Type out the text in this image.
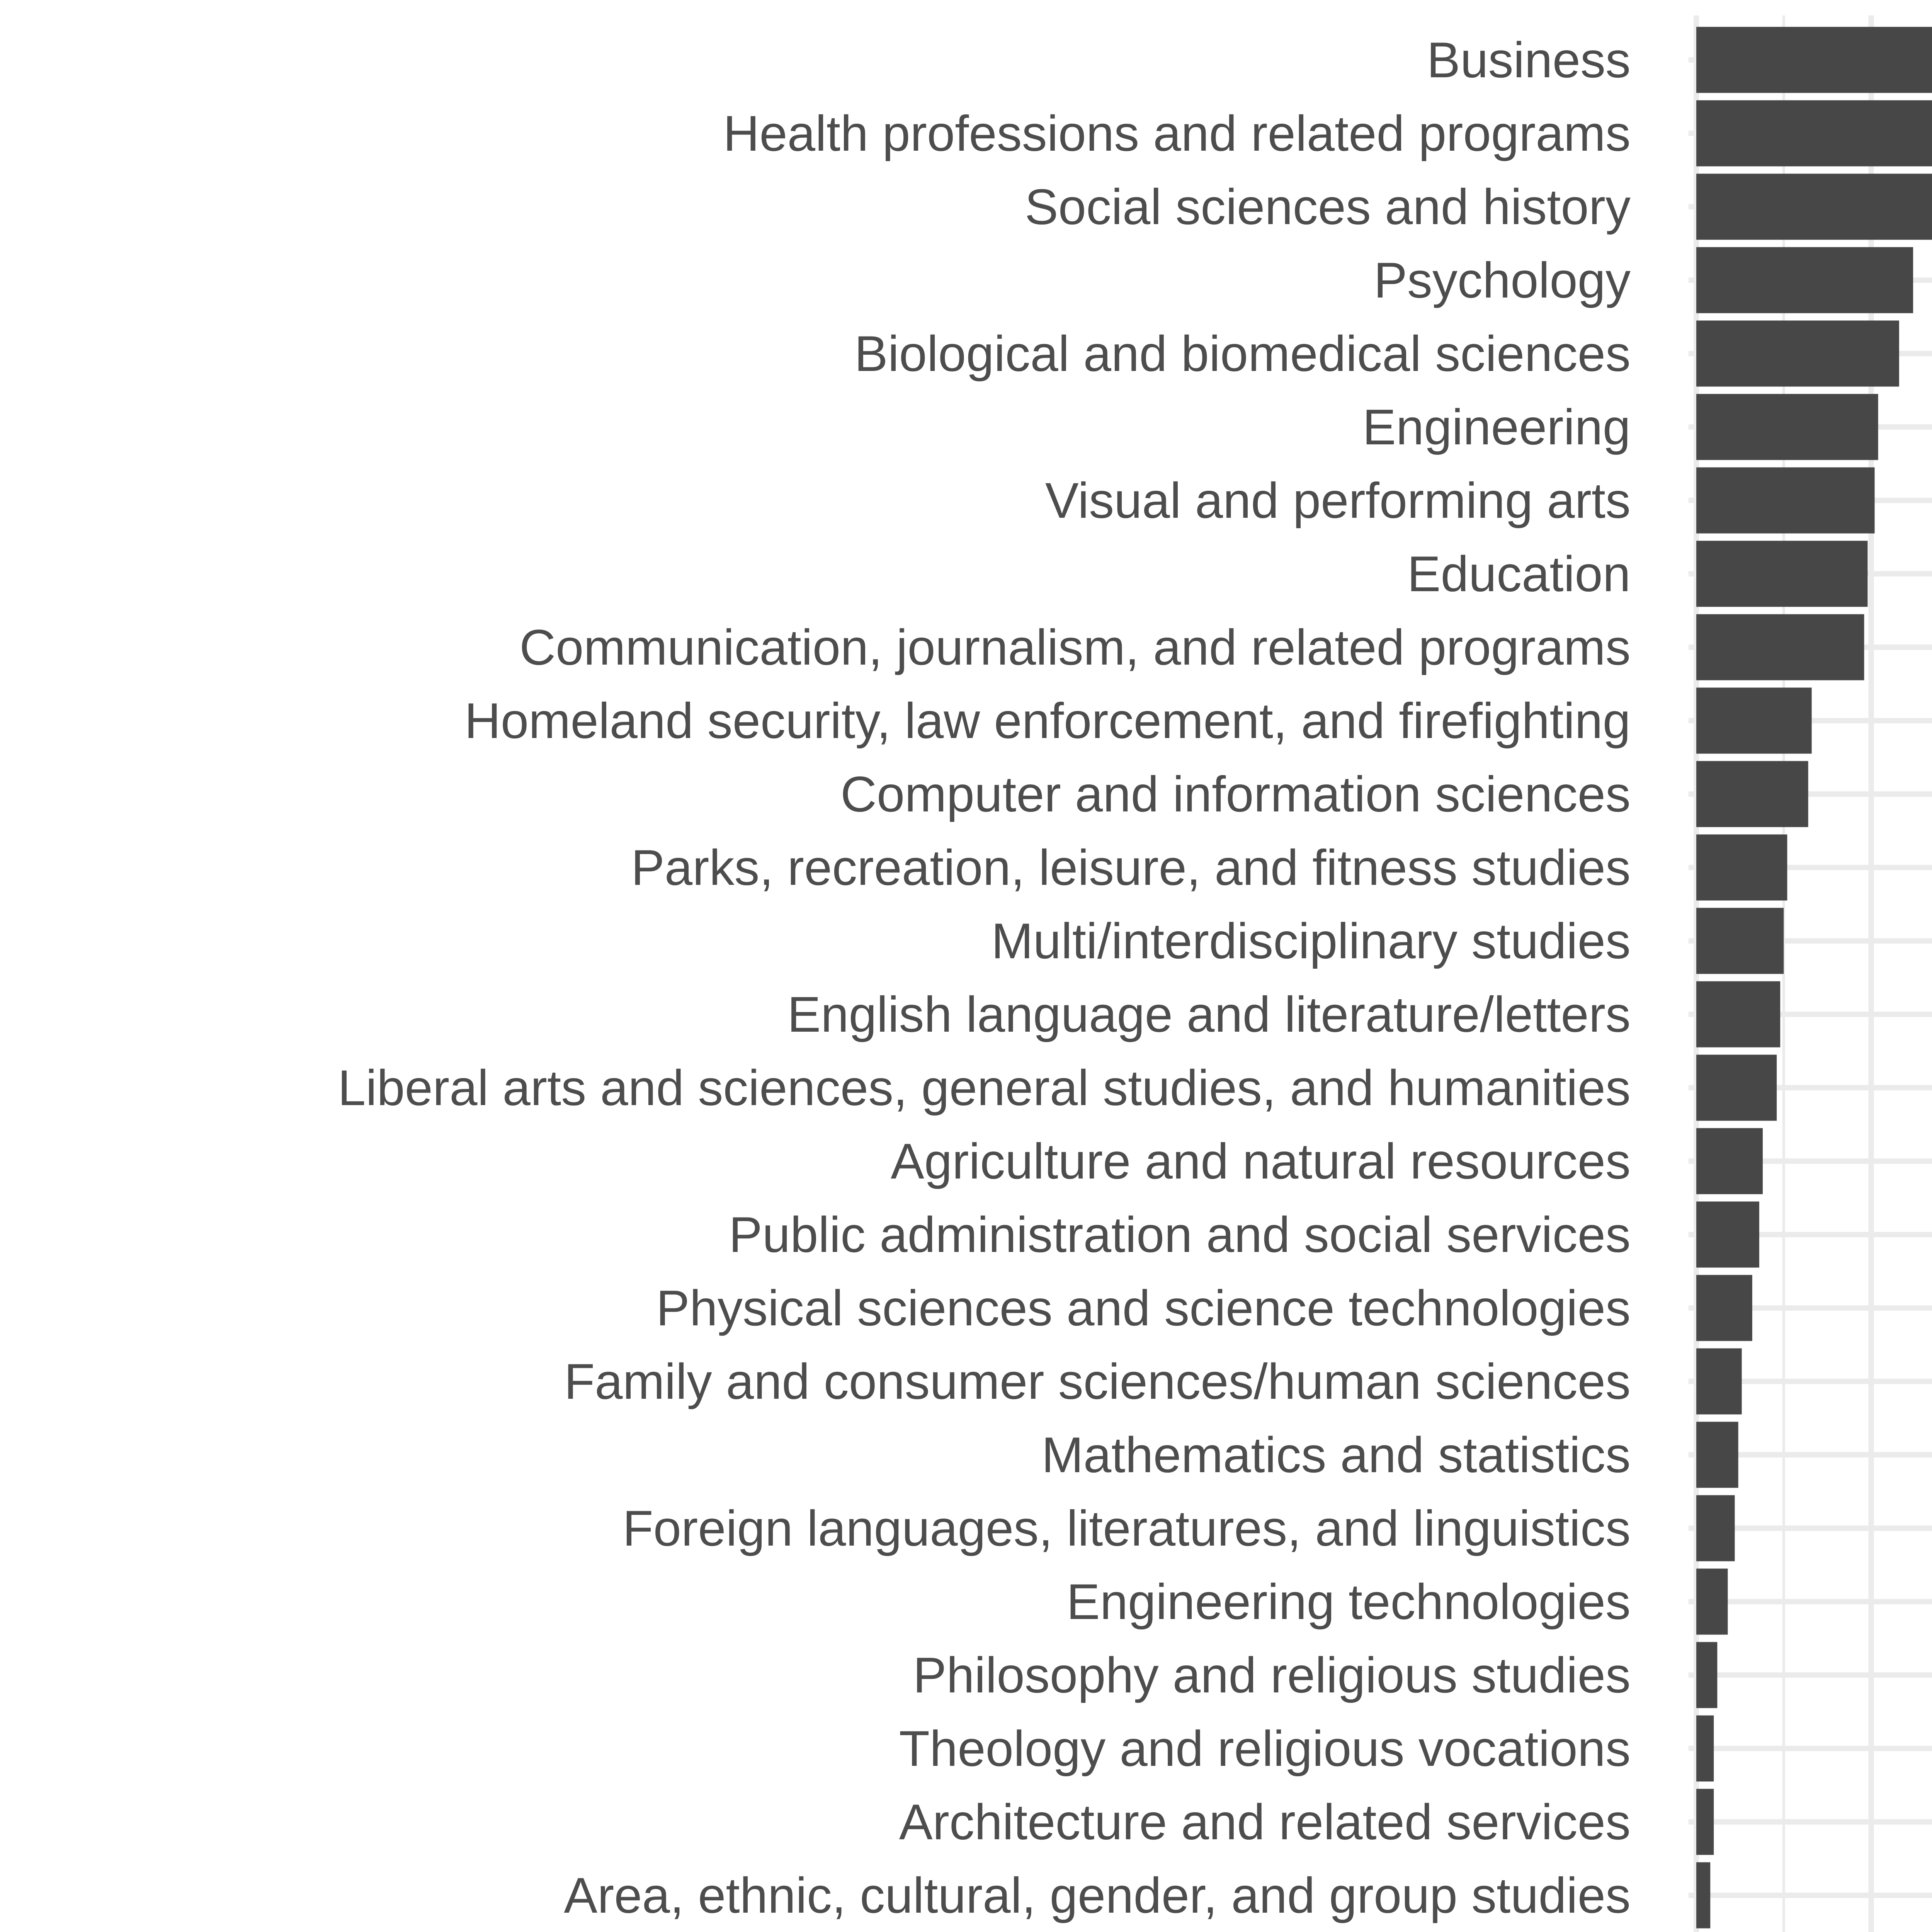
Business
Health professions and related programs
Social sciences and history
Psychology
Biological and biomedical sciences
Engineering
Visual and performing arts
Education
Communication, journalism, and related programs
Homeland security, law enforcement, and firefighting
Computer and information sciences
Parks, recreation, leisure, and fitness studies
Multi/interdisciplinary studies
English language and literature/letters
Liberal arts and sciences, general studies, and humanities
Agriculture and natural resources
Public administration and social services
Physical sciences and science technologies
Family and consumer sciences/human sciences
Mathematics and statistics
Foreign languages, literatures, and linguistics
Engineering technologies
Philosophy and religious studies
Theology and religious vocations
Architecture and related services
Area, ethnic, cultural, gender, and group studies
